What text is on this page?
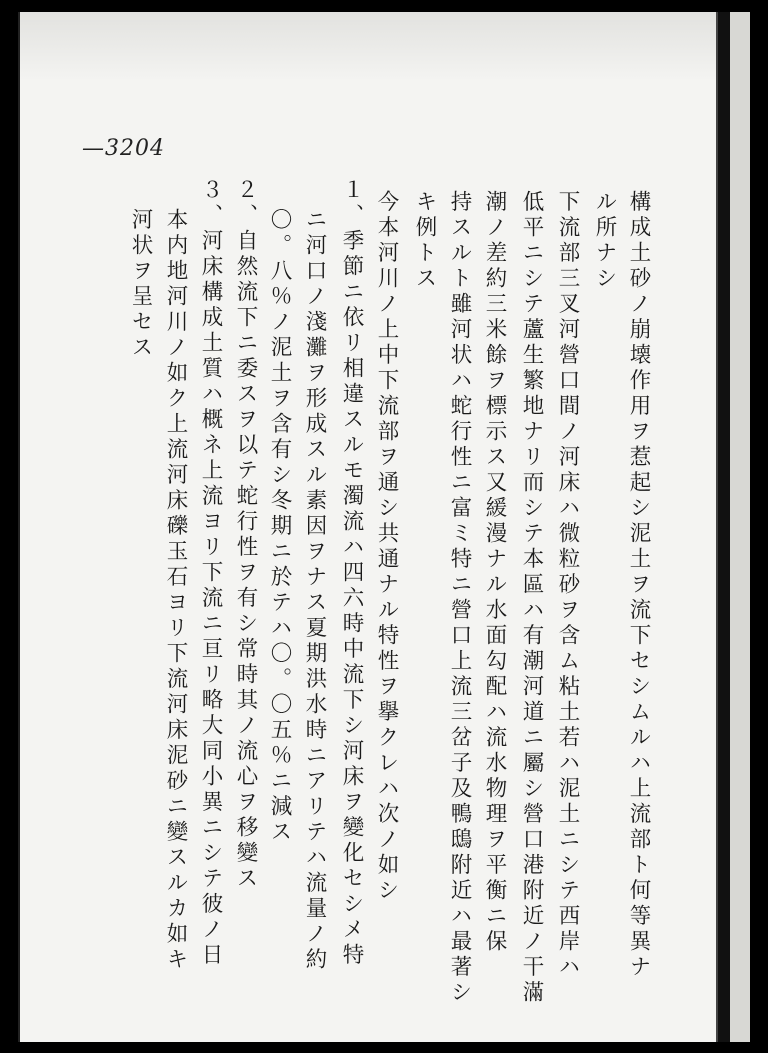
—3204
構成土砂ノ崩壊作用ヲ惹起シ泥土ヲ流下セシムルハ上流部ト何等異ナ
ル所ナシ
下流部三叉河營口間ノ河床ハ微粒砂ヲ含ム粘土若ハ泥土ニシテ西岸ハ
低平ニシテ蘆生繁地ナリ而シテ本區ハ有潮河道ニ屬シ營口港附近ノ干滿
潮ノ差約三米餘ヲ標示ス又緩漫ナル水面勾配ハ流水物理ヲ平衡ニ保
持スルト雖河状ハ蛇行性ニ富ミ特ニ營口上流三岔子及鴨鴟附近ハ最著シ
キ例トス
今本河川ノ上中下流部ヲ通シ共通ナル特性ヲ擧クレハ次ノ如シ
１、季節ニ依リ相違スルモ濁流ハ四六時中流下シ河床ヲ變化セシメ特
ニ河口ノ淺灘ヲ形成スル素因ヲナス夏期洪水時ニアリテハ流量ノ約
〇。八％ノ泥土ヲ含有シ冬期ニ於テハ〇。〇五％ニ減ス
２、自然流下ニ委スヲ以テ蛇行性ヲ有シ常時其ノ流心ヲ移變ス
３、河床構成土質ハ概ネ上流ヨリ下流ニ亘リ略大同小異ニシテ彼ノ日
本内地河川ノ如ク上流河床礫玉石ヨリ下流河床泥砂ニ變スルカ如キ
河状ヲ呈セス
